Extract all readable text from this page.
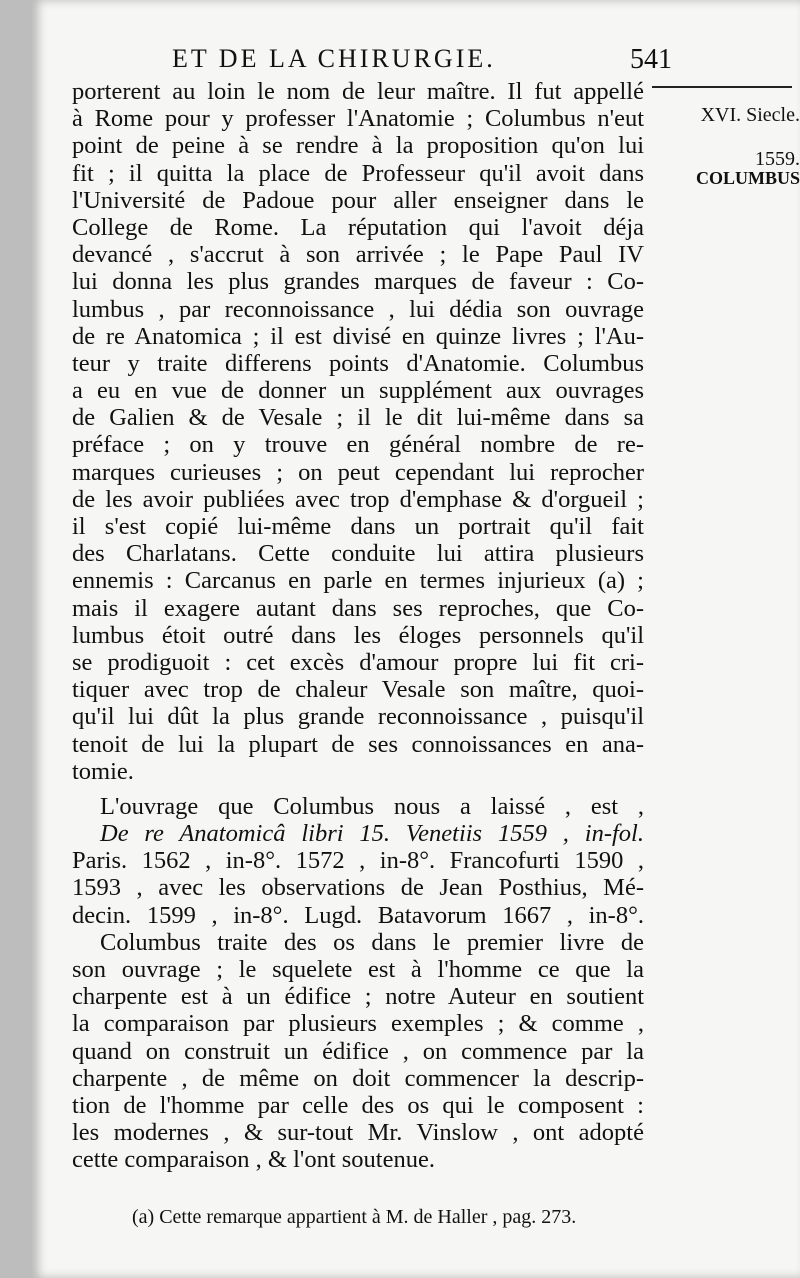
ET DE LA CHIRURGIE.	541
XVI. Siecle.
1559.
COLUMBUS
porterent au loin le nom de leur maître. Il fut appellé
à Rome pour y professer l'Anatomie ; Columbus n'eut
point de peine à se rendre à la proposition qu'on lui
fit ; il quitta la place de Professeur qu'il avoit dans
l'Université de Padoue pour aller enseigner dans le
College de Rome. La réputation qui l'avoit déja
devancé , s'accrut à son arrivée ; le Pape Paul IV
lui donna les plus grandes marques de faveur : Co-
lumbus , par reconnoissance , lui dédia son ouvrage
de re Anatomica ; il est divisé en quinze livres ; l'Au-
teur y traite differens points d'Anatomie. Columbus
a eu en vue de donner un supplément aux ouvrages
de Galien & de Vesale ; il le dit lui-même dans sa
préface ; on y trouve en général nombre de re-
marques curieuses ; on peut cependant lui reprocher
de les avoir publiées avec trop d'emphase & d'orgueil ;
il s'est copié lui-même dans un portrait qu'il fait
des Charlatans. Cette conduite lui attira plusieurs
ennemis : Carcanus en parle en termes injurieux (a) ;
mais il exagere autant dans ses reproches, que Co-
lumbus étoit outré dans les éloges personnels qu'il
se prodiguoit : cet excès d'amour propre lui fit cri-
tiquer avec trop de chaleur Vesale son maître, quoi-
qu'il lui dût la plus grande reconnoissance , puisqu'il
tenoit de lui la plupart de ses connoissances en ana-
tomie.
L'ouvrage que Columbus nous a laissé , est ,
De re Anatomicâ libri 15. Venetiis 1559 , in-fol.
Paris. 1562 , in-8°. 1572 , in-8°. Francofurti 1590 ,
1593 , avec les observations de Jean Posthius, Mé-
decin. 1599 , in-8°. Lugd. Batavorum 1667 , in-8°.
Columbus traite des os dans le premier livre de
son ouvrage ; le squelete est à l'homme ce que la
charpente est à un édifice ; notre Auteur en soutient
la comparaison par plusieurs exemples ; & comme ,
quand on construit un édifice , on commence par la
charpente , de même on doit commencer la descrip-
tion de l'homme par celle des os qui le composent :
les modernes , & sur-tout Mr. Vinslow , ont adopté
cette comparaison , & l'ont soutenue.
(a) Cette remarque appartient à M. de Haller , pag. 273.
